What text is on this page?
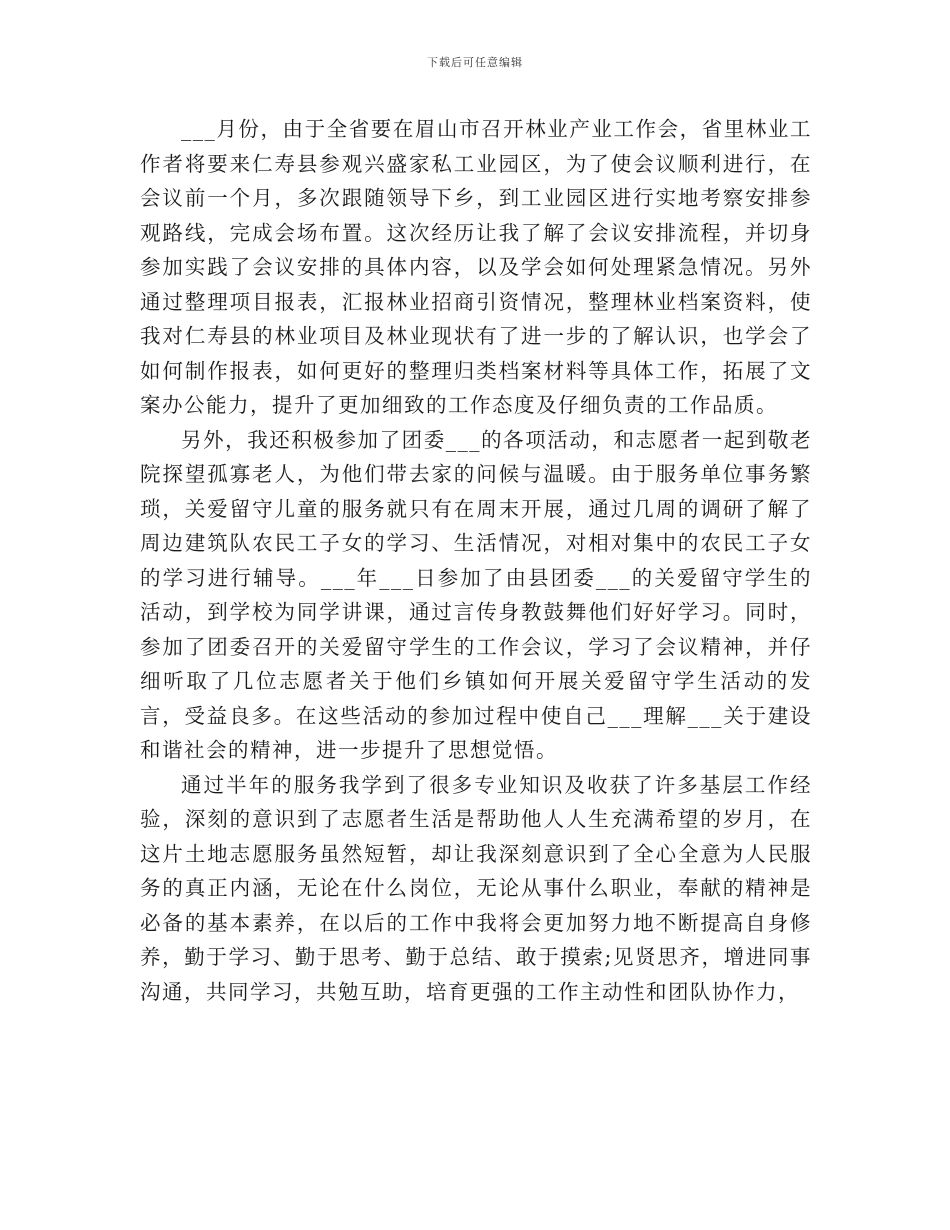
下载后可任意编辑

___月份，由于全省要在眉山市召开林业产业工作会，省里林业工作者将要来仁寿县参观兴盛家私工业园区，为了使会议顺利进行，在会议前一个月，多次跟随领导下乡，到工业园区进行实地考察安排参观路线，完成会场布置。这次经历让我了解了会议安排流程，并切身参加实践了会议安排的具体内容，以及学会如何处理紧急情况。另外通过整理项目报表，汇报林业招商引资情况，整理林业档案资料，使我对仁寿县的林业项目及林业现状有了进一步的了解认识，也学会了如何制作报表，如何更好的整理归类档案材料等具体工作，拓展了文案办公能力，提升了更加细致的工作态度及仔细负责的工作品质。

另外，我还积极参加了团委___的各项活动，和志愿者一起到敬老院探望孤寡老人，为他们带去家的问候与温暖。由于服务单位事务繁琐，关爱留守儿童的服务就只有在周末开展，通过几周的调研了解了周边建筑队农民工子女的学习、生活情况，对相对集中的农民工子女的学习进行辅导。___年___日参加了由县团委___的关爱留守学生的活动，到学校为同学讲课，通过言传身教鼓舞他们好好学习。同时，参加了团委召开的关爱留守学生的工作会议，学习了会议精神，并仔细听取了几位志愿者关于他们乡镇如何开展关爱留守学生活动的发言，受益良多。在这些活动的参加过程中使自己___理解___关于建设和谐社会的精神，进一步提升了思想觉悟。

通过半年的服务我学到了很多专业知识及收获了许多基层工作经验，深刻的意识到了志愿者生活是帮助他人人生充满希望的岁月，在这片土地志愿服务虽然短暂，却让我深刻意识到了全心全意为人民服务的真正内涵，无论在什么岗位，无论从事什么职业，奉献的精神是必备的基本素养，在以后的工作中我将会更加努力地不断提高自身修养，勤于学习、勤于思考、勤于总结、敢于摸索;见贤思齐，增进同事沟通，共同学习，共勉互助，培育更强的工作主动性和团队协作力，
